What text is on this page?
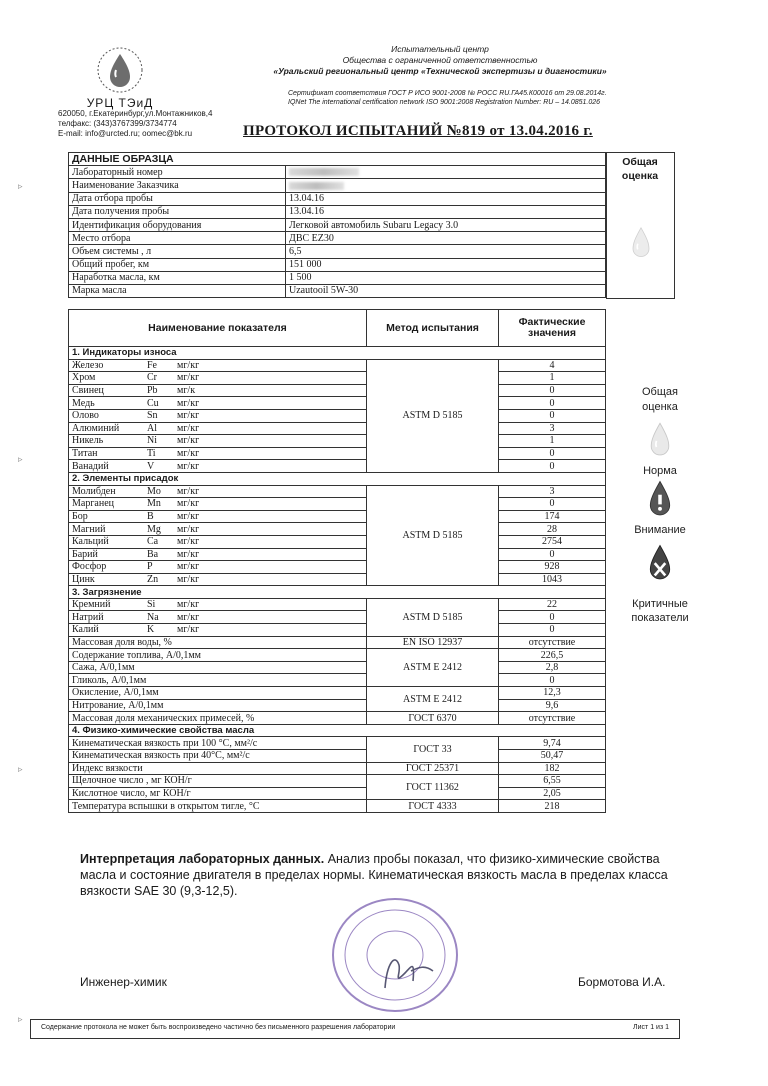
УРЦ ТЭиД
620050, г.Екатеринбург,ул.Монтажников,4
телфакс: (343)3767399/3734774
E-mail: info@urcted.ru; oomec@bk.ru
Испытательный центр
Общества с ограниченной ответственностью
«Уральский региональный центр «Технической экспертизы и диагностики»
Сертификат соответствия ГОСТ Р ИСО 9001-2008 № РОСС RU.ГА45.К00016 от 29.08.2014г.
IQNet The international certification network ISO 9001:2008 Registration Number: RU – 14.0851.026
ПРОТОКОЛ ИСПЫТАНИЙ №819 от 13.04.2016 г.
ДАННЫЕ ОБРАЗЦА	
Лабораторный номер	
Наименование Заказчика	
Дата отбора пробы	13.04.16
Дата получения пробы	13.04.16
Идентификация оборудования	Легковой автомобиль Subaru Legacy 3.0
Место отбора	ДВС EZ30
Объем системы , л	6,5
Общий пробег, км	151 000
Наработка масла, км	1 500
Марка масла	Uzautooil 5W-30
Общая оценка
Наименование показателя	Метод испытания	Фактические значения
1. Индикаторы износа		
Железо Fe мг/кг	ASTM D 5185	4
Хром Cr мг/кг		1
Свинец Pb мг/к		0
Медь Cu мг/кг		0
Олово Sn мг/кг		0
Алюминий Al мг/кг		3
Никель Ni мг/кг		1
Титан Ti мг/кг		0
Ванадий V мг/кг		0
2. Элементы присадок		
Молибден Mo мг/кг	ASTM D 5185	3
Марганец Mn мг/кг		0
Бор B мг/кг		174
Магний Mg мг/кг		28
Кальций Ca мг/кг		2754
Барий Ba мг/кг		0
Фосфор P мг/кг		928
Цинк Zn мг/кг		1043
3. Загрязнение		
Кремний Si мг/кг	ASTM D 5185	22
Натрий Na мг/кг		0
Калий K мг/кг		0
Массовая доля воды, %	EN ISO 12937	отсутствие
Содержание топлива, А/0,1мм	ASTM E 2412	226,5
Сажа, А/0,1мм		2,8
Гликоль, А/0,1мм		0
Окисление, А/0,1мм	ASTM E 2412	12,3
Нитрование, А/0,1мм		9,6
Массовая доля механических примесей, %	ГОСТ 6370	отсутствие
4. Физико-химические свойства масла		
Кинематическая вязкость при 100 °С, мм²/с	ГОСТ 33	9,74
Кинематическая вязкость при 40°С, мм²/с		50,47
Индекс вязкости	ГОСТ 25371	182
Щелочное число , мг КОН/г	ГОСТ 11362	6,55
Кислотное число, мг КОН/г		2,05
Температура вспышки в открытом тигле, °С	ГОСТ 4333	218
Общая оценка
Норма
Внимание
Критичные показатели
Интерпретация лабораторных данных. Анализ пробы показал, что физико-химические свойства масла и состояние двигателя в пределах нормы. Кинематическая вязкость масла в пределах класса вязкости SAE 30 (9,3-12,5).
Инженер-химик	Бормотова И.А.
Содержание протокола не может быть воспроизведено частично без письменного разрешения лаборатории	Лист 1 из 1
▹
▹
▹
▹
